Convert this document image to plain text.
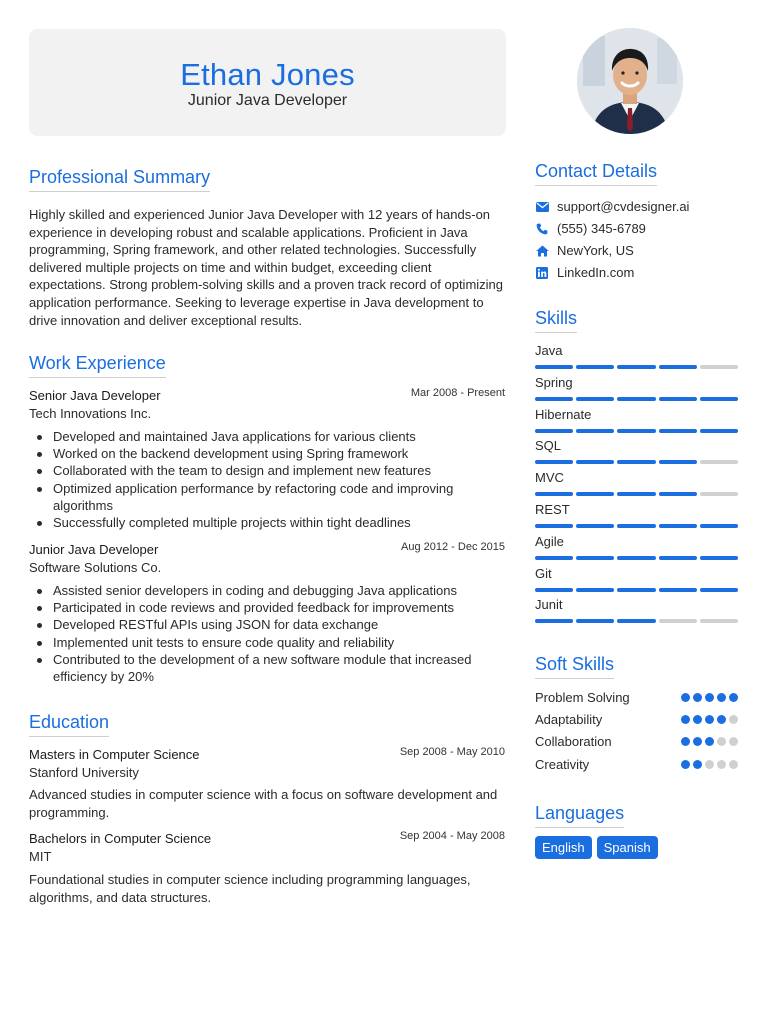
Ethan Jones
Junior Java Developer
Professional Summary
Highly skilled and experienced Junior Java Developer with 12 years of hands-on experience in developing robust and scalable applications. Proficient in Java programming, Spring framework, and other related technologies. Successfully delivered multiple projects on time and within budget, exceeding client expectations. Strong problem-solving skills and a proven track record of optimizing application performance. Seeking to leverage expertise in Java development to drive innovation and deliver exceptional results.
Work Experience
Senior Java Developer	Mar 2008 - Present
Tech Innovations Inc.
Developed and maintained Java applications for various clients
Worked on the backend development using Spring framework
Collaborated with the team to design and implement new features
Optimized application performance by refactoring code and improving algorithms
Successfully completed multiple projects within tight deadlines
Junior Java Developer	Aug 2012 - Dec 2015
Software Solutions Co.
Assisted senior developers in coding and debugging Java applications
Participated in code reviews and provided feedback for improvements
Developed RESTful APIs using JSON for data exchange
Implemented unit tests to ensure code quality and reliability
Contributed to the development of a new software module that increased efficiency by 20%
Education
Masters in Computer Science	Sep 2008 - May 2010
Stanford University
Advanced studies in computer science with a focus on software development and programming.
Bachelors in Computer Science	Sep 2004 - May 2008
MIT
Foundational studies in computer science including programming languages, algorithms, and data structures.
Contact Details
support@cvdesigner.ai
(555) 345-6789
NewYork, US
LinkedIn.com
Skills
Java
Spring
Hibernate
SQL
MVC
REST
Agile
Git
Junit
Soft Skills
Problem Solving
Adaptability
Collaboration
Creativity
Languages
English	Spanish
